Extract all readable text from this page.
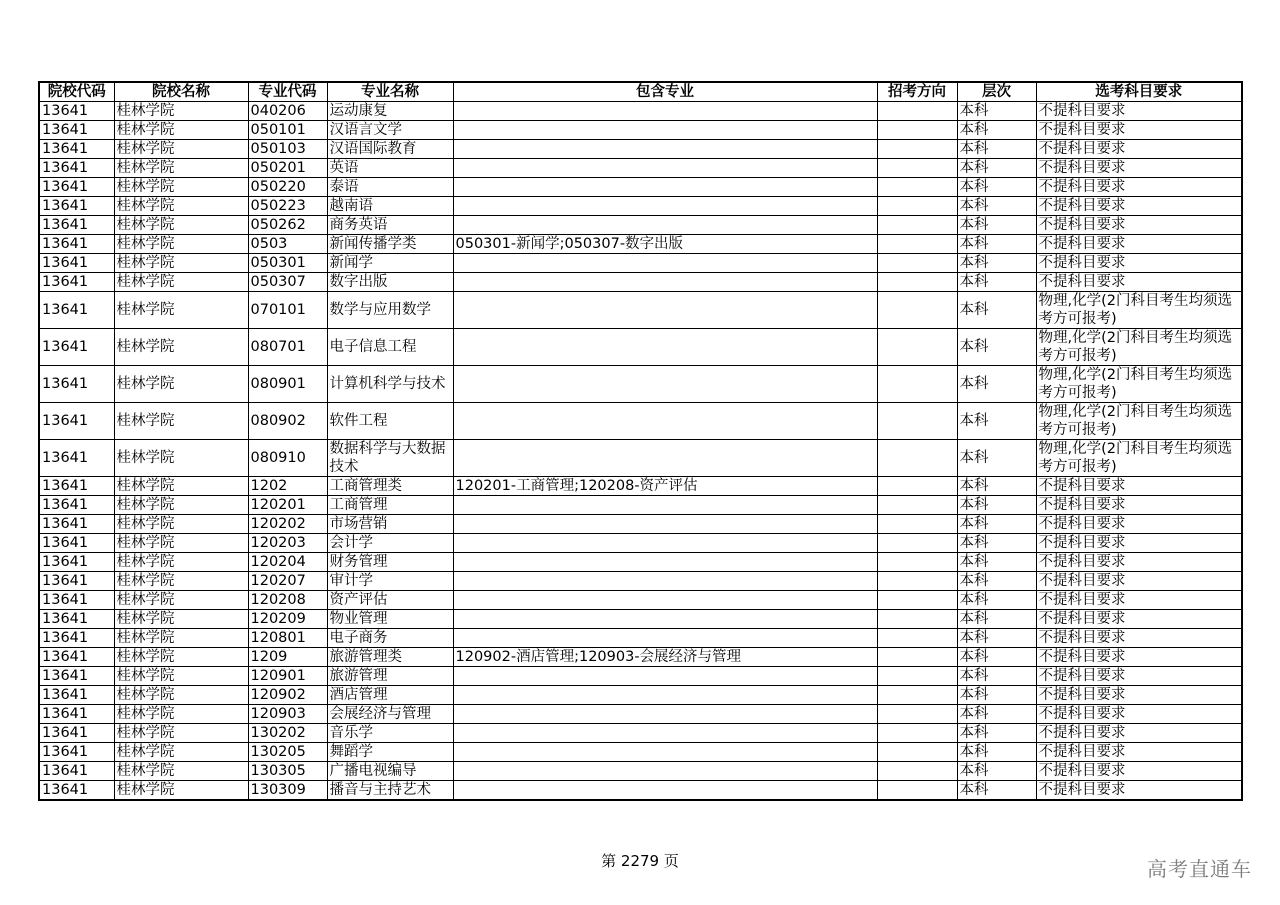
院校代码	院校名称	专业代码	专业名称	包含专业	招考方向	层次	选考科目要求
13641	桂林学院	040206	运动康复			本科	不提科目要求
13641	桂林学院	050101	汉语言文学			本科	不提科目要求
13641	桂林学院	050103	汉语国际教育			本科	不提科目要求
13641	桂林学院	050201	英语			本科	不提科目要求
13641	桂林学院	050220	泰语			本科	不提科目要求
13641	桂林学院	050223	越南语			本科	不提科目要求
13641	桂林学院	050262	商务英语			本科	不提科目要求
13641	桂林学院	0503	新闻传播学类	050301-新闻学;050307-数字出版		本科	不提科目要求
13641	桂林学院	050301	新闻学			本科	不提科目要求
13641	桂林学院	050307	数字出版			本科	不提科目要求
13641	桂林学院	070101	数学与应用数学			本科	物理,化学(2门科目考生均须选考方可报考)
13641	桂林学院	080701	电子信息工程			本科	物理,化学(2门科目考生均须选考方可报考)
13641	桂林学院	080901	计算机科学与技术			本科	物理,化学(2门科目考生均须选考方可报考)
13641	桂林学院	080902	软件工程			本科	物理,化学(2门科目考生均须选考方可报考)
13641	桂林学院	080910	数据科学与大数据技术			本科	物理,化学(2门科目考生均须选考方可报考)
13641	桂林学院	1202	工商管理类	120201-工商管理;120208-资产评估		本科	不提科目要求
13641	桂林学院	120201	工商管理			本科	不提科目要求
13641	桂林学院	120202	市场营销			本科	不提科目要求
13641	桂林学院	120203	会计学			本科	不提科目要求
13641	桂林学院	120204	财务管理			本科	不提科目要求
13641	桂林学院	120207	审计学			本科	不提科目要求
13641	桂林学院	120208	资产评估			本科	不提科目要求
13641	桂林学院	120209	物业管理			本科	不提科目要求
13641	桂林学院	120801	电子商务			本科	不提科目要求
13641	桂林学院	1209	旅游管理类	120902-酒店管理;120903-会展经济与管理		本科	不提科目要求
13641	桂林学院	120901	旅游管理			本科	不提科目要求
13641	桂林学院	120902	酒店管理			本科	不提科目要求
13641	桂林学院	120903	会展经济与管理			本科	不提科目要求
13641	桂林学院	130202	音乐学			本科	不提科目要求
13641	桂林学院	130205	舞蹈学			本科	不提科目要求
13641	桂林学院	130305	广播电视编导			本科	不提科目要求
13641	桂林学院	130309	播音与主持艺术			本科	不提科目要求
第 2279 页	高考直通车
